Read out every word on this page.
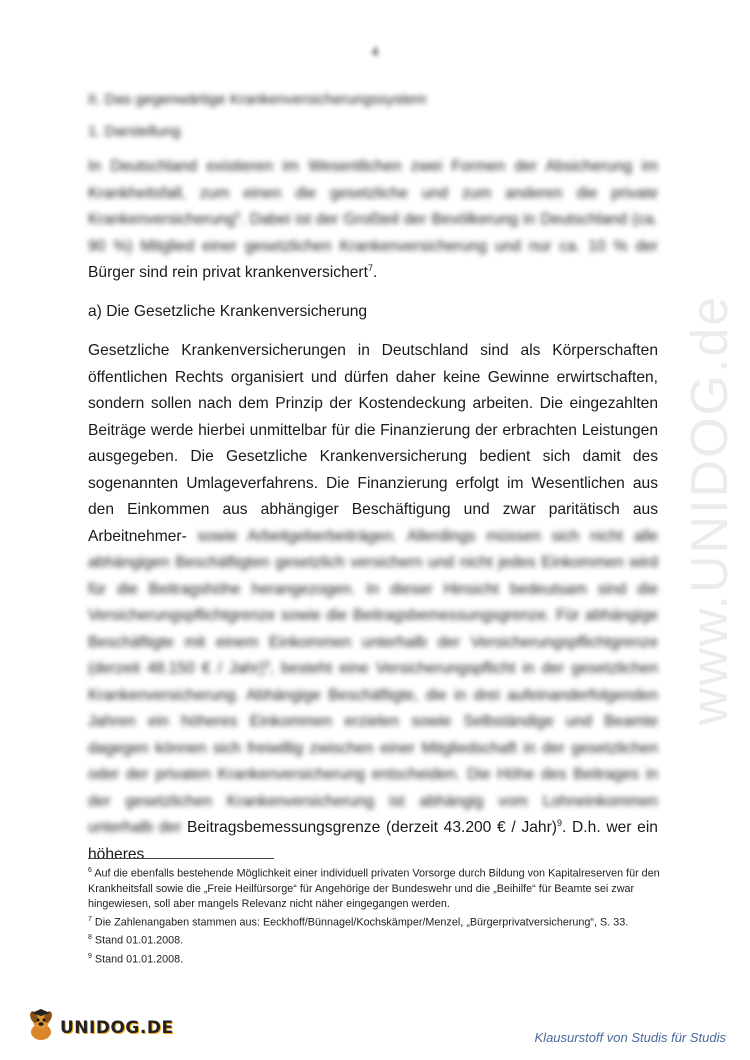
4
II. Das gegenwärtige Krankenversicherungssystem
1. Darstellung

In Deutschland existieren im Wesentlichen zwei Formen der Absicherung im Krankheitsfall, zum einen die gesetzliche und zum anderen die private Krankenversicherung$^6$. Dabei ist der Großteil der Bevölkerung in Deutschland (ca. 90 %) Mitglied einer gesetzlichen Krankenversicherung und nur ca. 10 % der Bürger sind rein privat krankenversichert$^7$.

a) Die Gesetzliche Krankenversicherung

Gesetzliche Krankenversicherungen in Deutschland sind als Körperschaften öffentlichen Rechts organisiert und dürfen daher keine Gewinne erwirtschaften, sondern sollen nach dem Prinzip der Kostendeckung arbeiten. Die eingezahlten Beiträge werde hierbei unmittelbar für die Finanzierung der erbrachten Leistungen ausgegeben. Die Gesetzliche Krankenversicherung bedient sich damit des sogenannten Umlageverfahrens. Die Finanzierung erfolgt im Wesentlichen aus den Einkommen aus abhängiger Beschäftigung und zwar paritätisch aus Arbeitnehmer- sowie Arbeitgeberbeiträgen. Allerdings müssen sich nicht alle abhängigen Beschäftigten gesetzlich versichern und nicht jedes Einkommen wird für die Beitragshöhe herangezogen. In dieser Hinsicht bedeutsam sind die Versicherungspflichtgrenze sowie die Beitragsbemessungsgrenze. Für abhängige Beschäftigte mit einem Einkommen unterhalb der Versicherungspflichtgrenze (derzeit 48.150 € / Jahr)$^8$, besteht eine Versicherungspflicht in der gesetzlichen Krankenversicherung. Abhängige Beschäftigte, die in drei aufeinanderfolgenden Jahren ein höheres Einkommen erzielen sowie Selbständige und Beamte dagegen können sich freiwillig zwischen einer Mitgliedschaft in der gesetzlichen oder der privaten Krankenversicherung entscheiden. Die Höhe des Beitrages in der gesetzlichen Krankenversicherung ist abhängig vom Lohneinkommen unterhalb der Beitragsbemessungsgrenze (derzeit 43.200 € / Jahr)$^9$. D.h. wer ein höheres

$^6$ Auf die ebenfalls bestehende Möglichkeit einer individuell privaten Vorsorge durch Bildung von Kapitalreserven für den Krankheitsfall sowie die „Freie Heilfürsorge“ für Angehörige der Bundeswehr und die „Beihilfe“ für Beamte sei zwar hingewiesen, soll aber mangels Relevanz nicht näher eingegangen werden.

$^7$ Die Zahlenangaben stammen aus: Eeckhoff/Bünnagel/Kochskämper/Menzel, „Bürgerprivatversicherung“, S. 33.

$^8$ Stand 01.01.2008.

$^9$ Stand 01.01.2008.

www.UNIDOG.de
UNIDOG.DE	Klausurstoff von Studis für Studis
